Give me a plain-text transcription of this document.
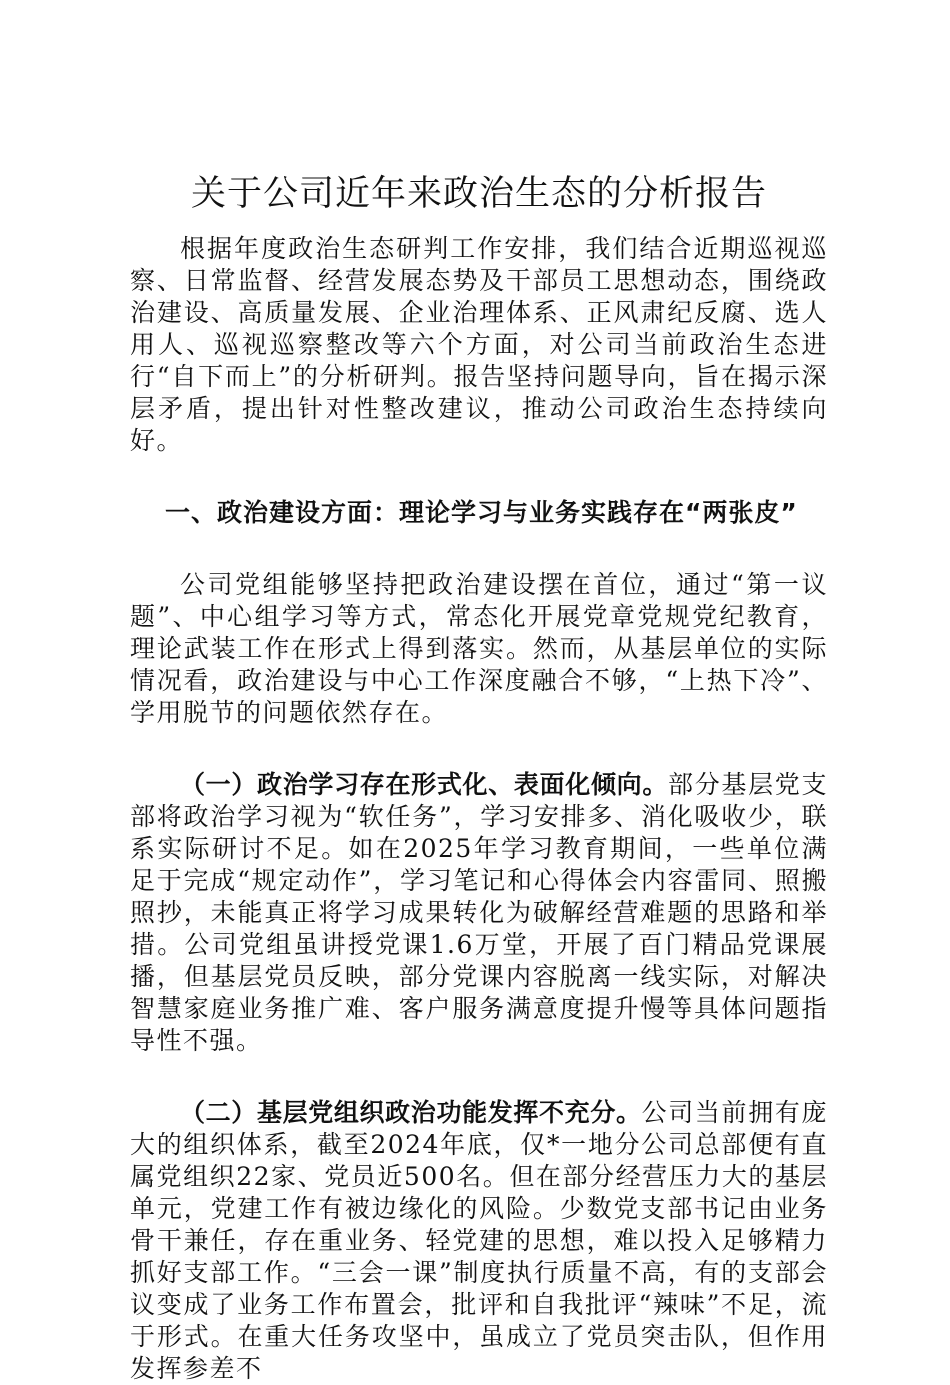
关于公司近年来政治生态的分析报告

根据年度政治生态研判工作安排，我们结合近期巡视巡察、日常监督、经营发展态势及干部员工思想动态，围绕政治建设、高质量发展、企业治理体系、正风肃纪反腐、选人用人、巡视巡察整改等六个方面，对公司当前政治生态进行“自下而上”的分析研判。报告坚持问题导向，旨在揭示深层矛盾，提出针对性整改建议，推动公司政治生态持续向好。

一、政治建设方面：理论学习与业务实践存在“两张皮”

公司党组能够坚持把政治建设摆在首位，通过“第一议题”、中心组学习等方式，常态化开展党章党规党纪教育，理论武装工作在形式上得到落实。然而，从基层单位的实际情况看，政治建设与中心工作深度融合不够，“上热下冷”、学用脱节的问题依然存在。

（一）政治学习存在形式化、表面化倾向。部分基层党支部将政治学习视为“软任务”，学习安排多、消化吸收少，联系实际研讨不足。如在2025年学习教育期间，一些单位满足于完成“规定动作”，学习笔记和心得体会内容雷同、照搬照抄，未能真正将学习成果转化为破解经营难题的思路和举措。公司党组虽讲授党课1.6万堂，开展了百门精品党课展播，但基层党员反映，部分党课内容脱离一线实际，对解决智慧家庭业务推广难、客户服务满意度提升慢等具体问题指导性不强。

（二）基层党组织政治功能发挥不充分。公司当前拥有庞大的组织体系，截至2024年底，仅*一地分公司总部便有直属党组织22家、党员近500名。但在部分经营压力大的基层单元，党建工作有被边缘化的风险。少数党支部书记由业务骨干兼任，存在重业务、轻党建的思想，难以投入足够精力抓好支部工作。“三会一课”制度执行质量不高，有的支部会议变成了业务工作布置会，批评和自我批评“辣味”不足，流于形式。在重大任务攻坚中，虽成立了党员突击队，但作用发挥参差不
